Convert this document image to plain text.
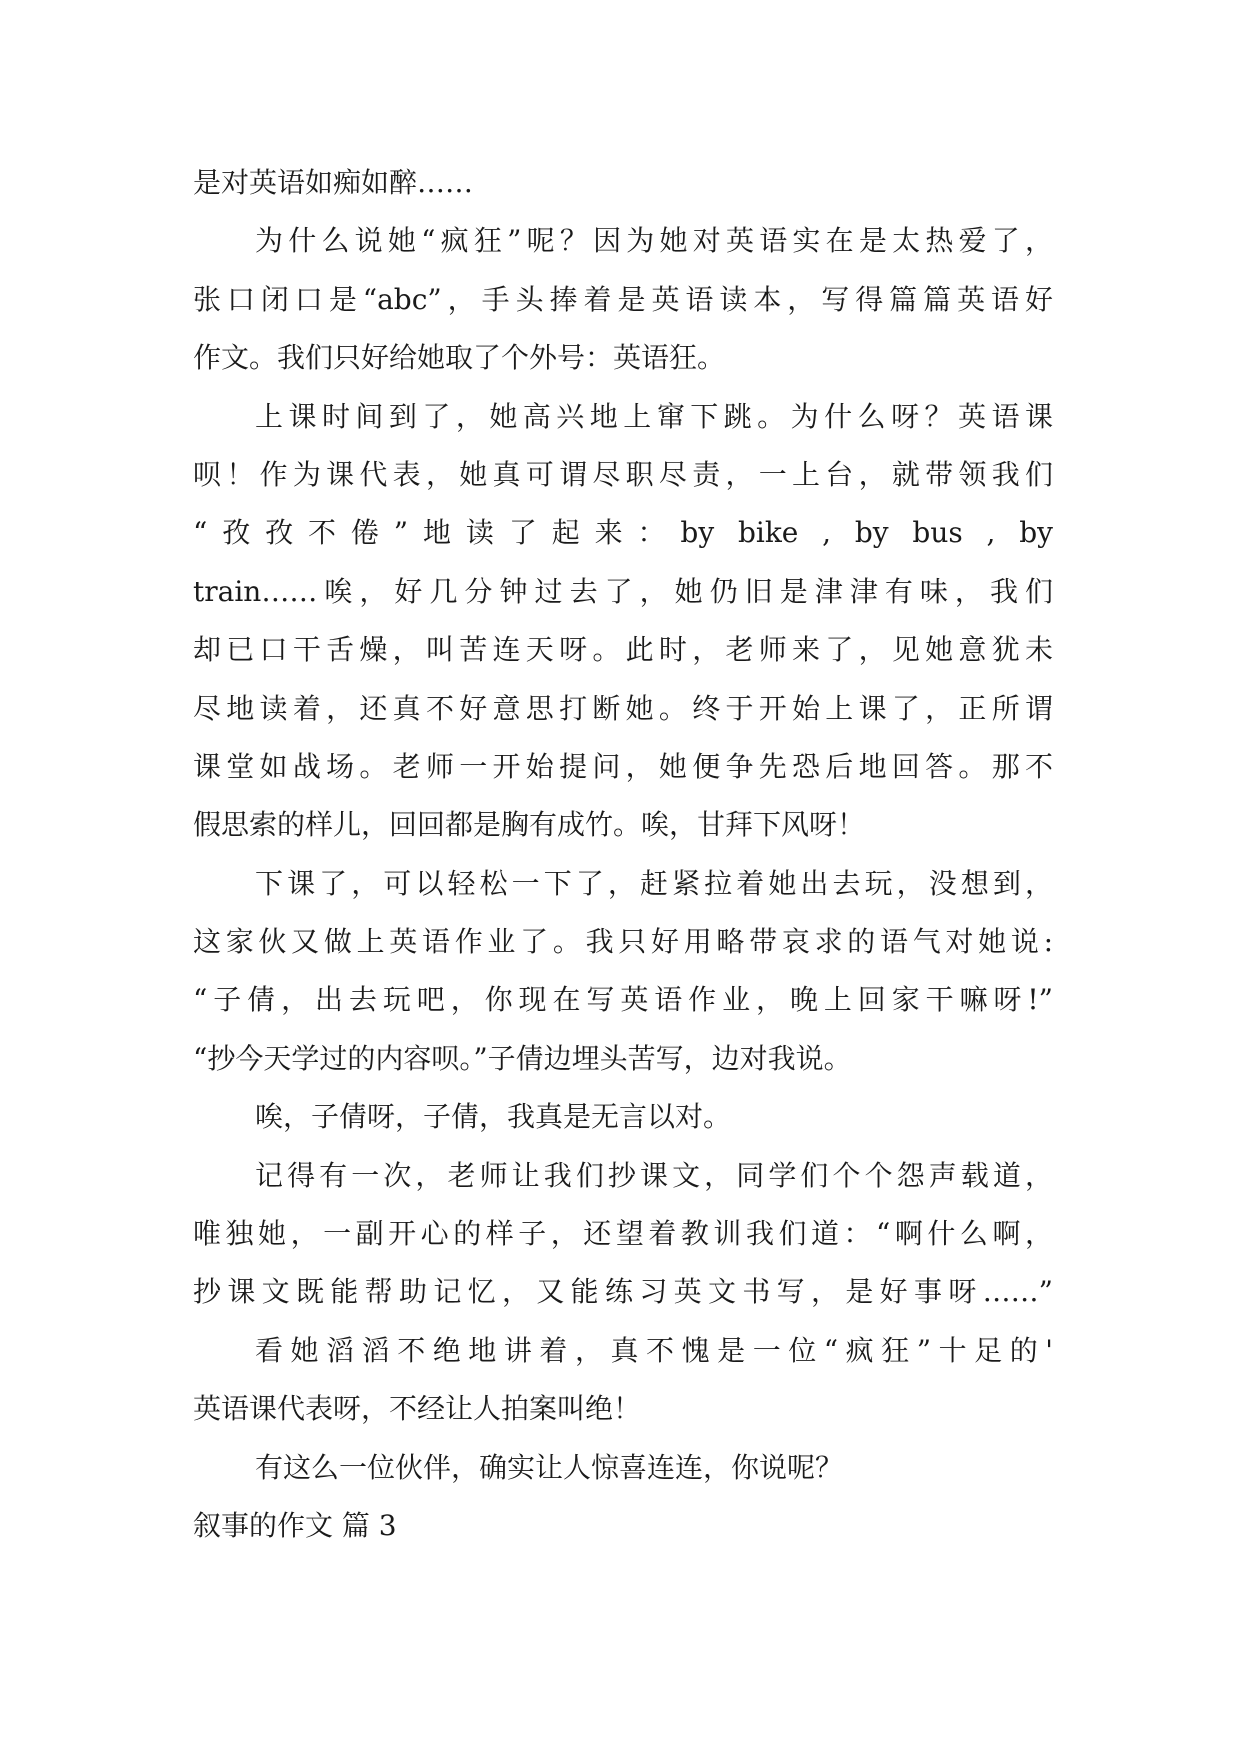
是对英语如痴如醉……
为什么说她“疯狂”呢？因为她对英语实在是太热爱了，
张口闭口是“abc”，手头捧着是英语读本，写得篇篇英语好
作文。我们只好给她取了个外号：英语狂。
上课时间到了，她高兴地上窜下跳。为什么呀？英语课
呗！作为课代表，她真可谓尽职尽责，一上台，就带领我们
“孜孜不倦”地读了起来：by bike , by bus , by
train……唉，好几分钟过去了，她仍旧是津津有味，我们
却已口干舌燥，叫苦连天呀。此时，老师来了，见她意犹未
尽地读着，还真不好意思打断她。终于开始上课了，正所谓
课堂如战场。老师一开始提问，她便争先恐后地回答。那不
假思索的样儿，回回都是胸有成竹。唉，甘拜下风呀！
下课了，可以轻松一下了，赶紧拉着她出去玩，没想到，
这家伙又做上英语作业了。我只好用略带哀求的语气对她说:
“子倩，出去玩吧，你现在写英语作业，晚上回家干嘛呀!”
“抄今天学过的内容呗。”子倩边埋头苦写，边对我说。
唉，子倩呀，子倩，我真是无言以对。
记得有一次，老师让我们抄课文，同学们个个怨声载道，
唯独她，一副开心的样子，还望着教训我们道：“啊什么啊，
抄课文既能帮助记忆，又能练习英文书写，是好事呀……”
看她滔滔不绝地讲着，真不愧是一位“疯狂”十足的'
英语课代表呀，不经让人拍案叫绝！
有这么一位伙伴，确实让人惊喜连连，你说呢？
叙事的作文 篇 3
